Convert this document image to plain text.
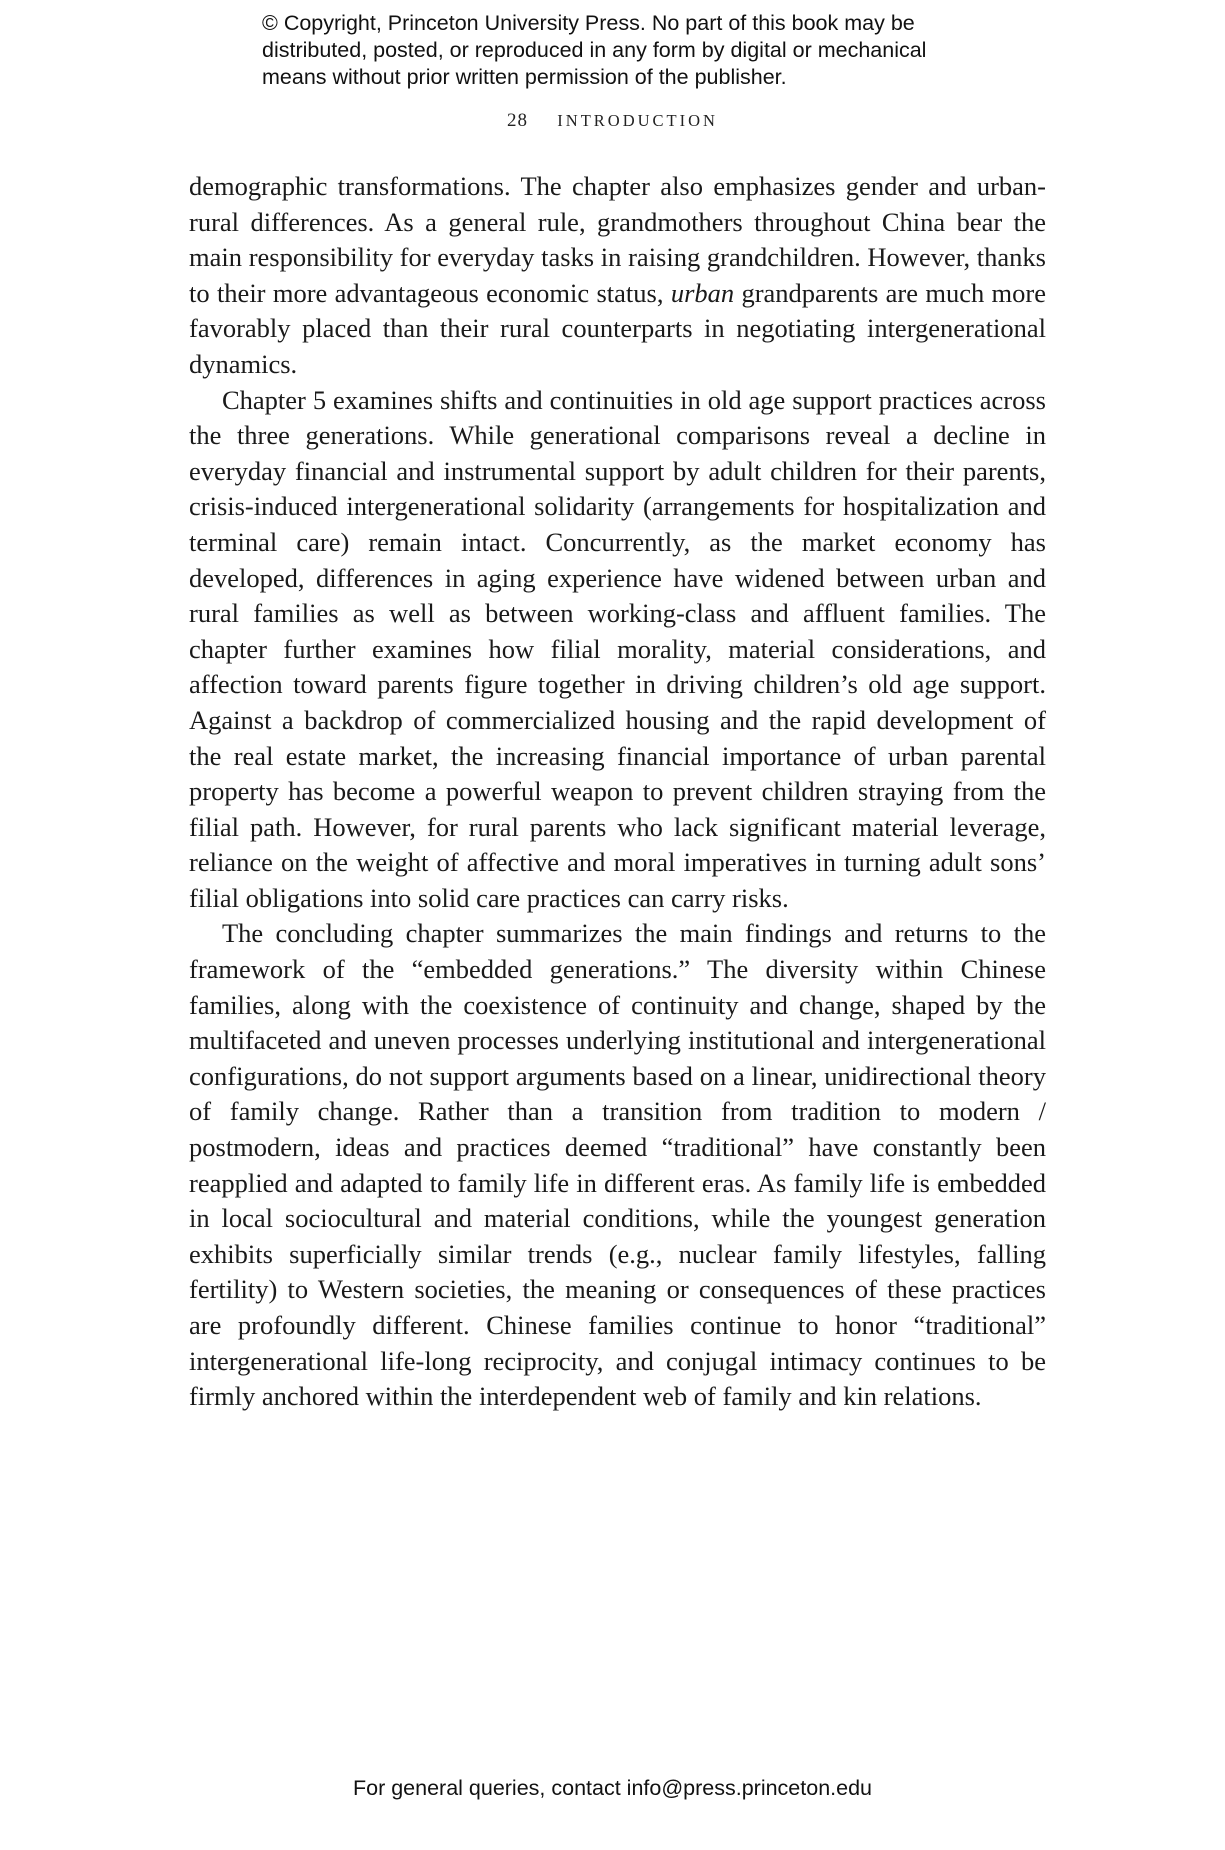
© Copyright, Princeton University Press. No part of this book may be
distributed, posted, or reproduced in any form by digital or mechanical
means without prior written permission of the publisher.
28 INTRODUCTION

demographic transformations. The chapter also emphasizes gender and urban-rural differences. As a general rule, grandmothers throughout China bear the main responsibility for everyday tasks in raising grandchildren. However, thanks to their more advantageous economic status, urban grandparents are much more favorably placed than their rural counterparts in negotiating intergenerational dynamics.

Chapter 5 examines shifts and continuities in old age support practices across the three generations. While generational comparisons reveal a decline in everyday financial and instrumental support by adult children for their parents, crisis-induced intergenerational solidarity (arrangements for hospitalization and terminal care) remain intact. Concurrently, as the market economy has developed, differences in aging experience have widened between urban and rural families as well as between working-class and affluent families. The chapter further examines how filial morality, material considerations, and affection toward parents figure together in driving children’s old age support. Against a backdrop of commercialized housing and the rapid development of the real estate market, the increasing financial importance of urban parental property has become a powerful weapon to prevent children straying from the filial path. However, for rural parents who lack significant material leverage, reliance on the weight of affective and moral imperatives in turning adult sons’ filial obligations into solid care practices can carry risks.

The concluding chapter summarizes the main findings and returns to the framework of the “embedded generations.” The diversity within Chinese families, along with the coexistence of continuity and change, shaped by the multifaceted and uneven processes underlying institutional and intergenerational configurations, do not support arguments based on a linear, unidirectional theory of family change. Rather than a transition from tradition to modern / postmodern, ideas and practices deemed “traditional” have constantly been reapplied and adapted to family life in different eras. As family life is embedded in local sociocultural and material conditions, while the youngest generation exhibits superficially similar trends (e.g., nuclear family lifestyles, falling fertility) to Western societies, the meaning or consequences of these practices are profoundly different. Chinese families continue to honor “traditional” intergenerational life-long reciprocity, and conjugal intimacy continues to be firmly anchored within the interdependent web of family and kin relations.

For general queries, contact info@press.princeton.edu
